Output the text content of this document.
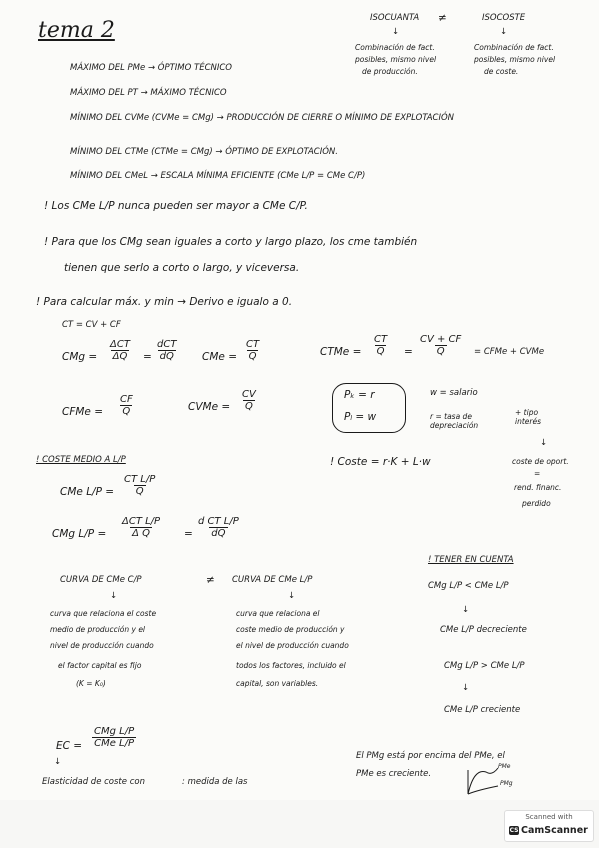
tema 2	ISOCUANTA ≠	ISOCOSTE
↓	↓
Combinación de fact.
posibles, mismo nivel
de producción.
Combinación de fact.
posibles, mismo nivel
de coste.
MÁXIMO DEL PMe → ÓPTIMO TÉCNICO
MÁXIMO DEL PT → MÁXIMO TÉCNICO
MÍNIMO DEL CVMe (CVMe = CMg) → PRODUCCIÓN DE CIERRE O MÍNIMO DE EXPLOTACIÓN
MÍNIMO DEL CTMe (CTMe = CMg) → ÓPTIMO DE EXPLOTACIÓN.
MÍNIMO DEL CMeL → ESCALA MÍNIMA EFICIENTE (CMe L/P = CMe C/P)
! Los CMe L/P nunca pueden ser mayor a CMe C/P.
! Para que los CMg sean iguales a corto y largo plazo, los cme también
tienen que serlo a corto o largo, y viceversa.
! Para calcular máx. y min → Derivo e igualo a 0.
CT = CV + CF
CMg =
ΔCT
ΔQ =
dCT
dQ	CMe = $\frac{CT}{Q}$	CTMe = $\frac{CT}{Q} = \frac{CV + CF}{Q}$ = CFMe + CVMe
CFMe = $\frac{CF}{Q}$	CVMe = $\frac{CV}{Q}$	Pₖ = r
Pₗ = w
w = salario
r = tasa de depreciación
+ tipo interés
↓
coste de oport.
=
rend. financ.
perdido
! Coste = r·K + L·w
! COSTE MEDIO A L/P
CMe $L/P = \frac{\text{CT L/P}}{Q}$
CMg L/P =
ΔCT L/P
Δ Q	= $\frac{\text{d CT L/P}}{dQ}$
CURVA DE CMe C/P	≠ CURVA DE CMe L/P
↓	↓
curva que relaciona el coste
medio de producción y el
nivel de producción cuando
el factor capital es fijo
(K = K₀)
curva que relaciona el
coste medio de producción y
el nivel de producción cuando
todos los factores, incluido el
capital, son variables.
! TENER EN CUENTA
CMg L/P < CMe L/P
↓
CMe L/P decreciente
CMg L/P > CMe L/P
↓
CMe L/P creciente
EC =
CMg L/P
CMe L/P
↓
Elasticidad de coste con	: medida de las
El PMg está por encima del PMe, el
PMe es creciente.
PMe
PMg
Scanned with
CS CamScanner
